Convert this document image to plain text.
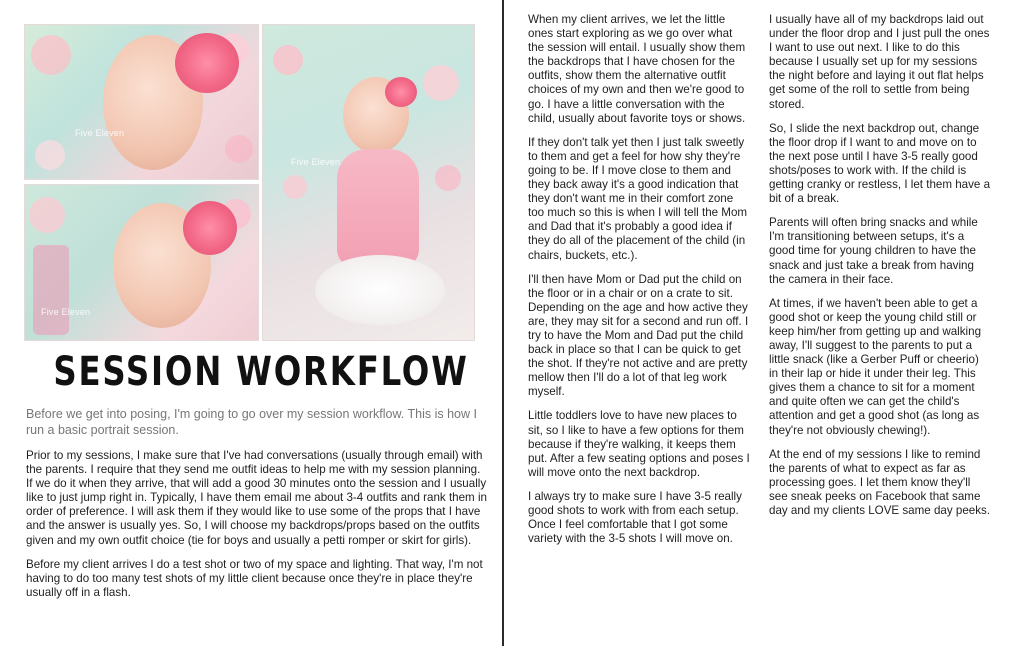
Five Eleven
Five Eleven
Five Eleven
SESSION WORKFLOW
Before we get into posing, I'm going to go over my session workflow. This is how I run a basic portrait session.

Prior to my sessions, I make sure that I've had conversations (usually through email) with the parents. I require that they send me outfit ideas to help me with my session planning. If we do it when they arrive, that will add a good 30 minutes onto the session and I usually like to just jump right in. Typically, I have them email me about 3-4 outfits and rank them in order of preference. I will ask them if they would like to use some of the props that I have and the answer is usually yes. So, I will choose my backdrops/props based on the outfits given and my own outfit choice (tie for boys and usually a petti romper or skirt for girls).

Before my client arrives I do a test shot or two of my space and lighting. That way, I'm not having to do too many test shots of my little client because once they're in place they're usually off in a flash.

When my client arrives, we let the little ones start exploring as we go over what the session will entail. I usually show them the backdrops that I have chosen for the outfits, show them the alternative outfit choices of my own and then we're good to go. I have a little conversation with the child, usually about favorite toys or shows.

If they don't talk yet then I just talk sweetly to them and get a feel for how shy they're going to be. If I move close to them and they back away it's a good indication that they don't want me in their comfort zone too much so this is when I will tell the Mom and Dad that it's probably a good idea if they do all of the placement of the child (in chairs, buckets, etc.).

I'll then have Mom or Dad put the child on the floor or in a chair or on a crate to sit. Depending on the age and how active they are, they may sit for a second and run off. I try to have the Mom and Dad put the child back in place so that I can be quick to get the shot. If they're not active and are pretty mellow then I'll do a lot of that leg work myself.

Little toddlers love to have new places to sit, so I like to have a few options for them because if they're walking, it keeps them put. After a few seating options and poses I will move onto the next backdrop.

I always try to make sure I have 3-5 really good shots to work with from each setup. Once I feel comfortable that I got some variety with the 3-5 shots I will move on.

I usually have all of my backdrops laid out under the floor drop and I just pull the ones I want to use out next. I like to do this because I usually set up for my sessions the night before and laying it out flat helps get some of the roll to settle from being stored.

So, I slide the next backdrop out, change the floor drop if I want to and move on to the next pose until I have 3-5 really good shots/poses to work with. If the child is getting cranky or restless, I let them have a bit of a break.

Parents will often bring snacks and while I'm transitioning between setups, it's a good time for young children to have the snack and just take a break from having the camera in their face.

At times, if we haven't been able to get a good shot or keep the young child still or keep him/her from getting up and walking away, I'll suggest to the parents to put a little snack (like a Gerber Puff or cheerio) in their lap or hide it under their leg. This gives them a chance to sit for a moment and quite often we can get the child's attention and get a good shot (as long as they're not obviously chewing!).

At the end of my sessions I like to remind the parents of what to expect as far as processing goes. I let them know they'll see sneak peeks on Facebook that same day and my clients LOVE same day peeks.
